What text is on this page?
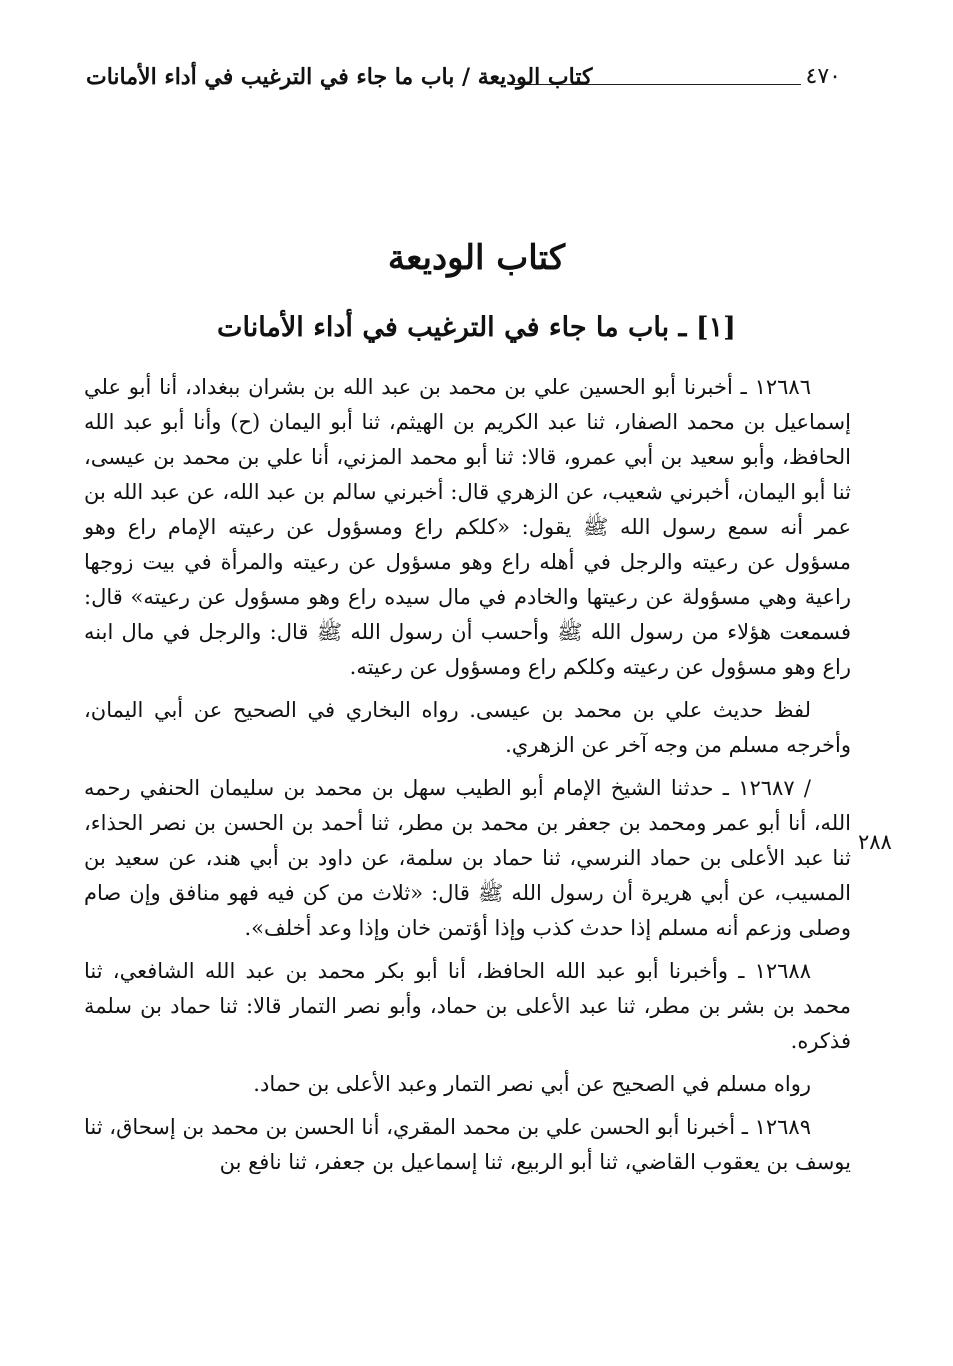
٤٧٠
كتاب الوديعة / باب ما جاء في الترغيب في أداء الأمانات
كتاب الوديعة
[١] ـ باب ما جاء في الترغيب في أداء الأمانات
٢٨٨

١٢٦٨٦ ـ أخبرنا أبو الحسين علي بن محمد بن عبد الله بن بشران ببغداد، أنا أبو علي إسماعيل بن محمد الصفار، ثنا عبد الكريم بن الهيثم، ثنا أبو اليمان (ح) وأنا أبو عبد الله الحافظ، وأبو سعيد بن أبي عمرو، قالا: ثنا أبو محمد المزني، أنا علي بن محمد بن عيسى، ثنا أبو اليمان، أخبرني شعيب، عن الزهري قال: أخبرني سالم بن عبد الله، عن عبد الله بن عمر أنه سمع رسول الله ﷺ يقول: «كلكم راع ومسؤول عن رعيته الإمام راع وهو مسؤول عن رعيته والرجل في أهله راع وهو مسؤول عن رعيته والمرأة في بيت زوجها راعية وهي مسؤولة عن رعيتها والخادم في مال سيده راع وهو مسؤول عن رعيته» قال: فسمعت هؤلاء من رسول الله ﷺ وأحسب أن رسول الله ﷺ قال: والرجل في مال ابنه راع وهو مسؤول عن رعيته وكلكم راع ومسؤول عن رعيته.

لفظ حديث علي بن محمد بن عيسى. رواه البخاري في الصحيح عن أبي اليمان، وأخرجه مسلم من وجه آخر عن الزهري.

/ ١٢٦٨٧ ـ حدثنا الشيخ الإمام أبو الطيب سهل بن محمد بن سليمان الحنفي رحمه الله، أنا أبو عمر ومحمد بن جعفر بن محمد بن مطر، ثنا أحمد بن الحسن بن نصر الحذاء، ثنا عبد الأعلى بن حماد النرسي، ثنا حماد بن سلمة، عن داود بن أبي هند، عن سعيد بن المسيب، عن أبي هريرة أن رسول الله ﷺ قال: «ثلاث من كن فيه فهو منافق وإن صام وصلى وزعم أنه مسلم إذا حدث كذب وإذا أؤتمن خان وإذا وعد أخلف».

١٢٦٨٨ ـ وأخبرنا أبو عبد الله الحافظ، أنا أبو بكر محمد بن عبد الله الشافعي، ثنا محمد بن بشر بن مطر، ثنا عبد الأعلى بن حماد، وأبو نصر التمار قالا: ثنا حماد بن سلمة فذكره.

رواه مسلم في الصحيح عن أبي نصر التمار وعبد الأعلى بن حماد.

١٢٦٨٩ ـ أخبرنا أبو الحسن علي بن محمد المقري، أنا الحسن بن محمد بن إسحاق، ثنا يوسف بن يعقوب القاضي، ثنا أبو الربيع، ثنا إسماعيل بن جعفر، ثنا نافع بن
